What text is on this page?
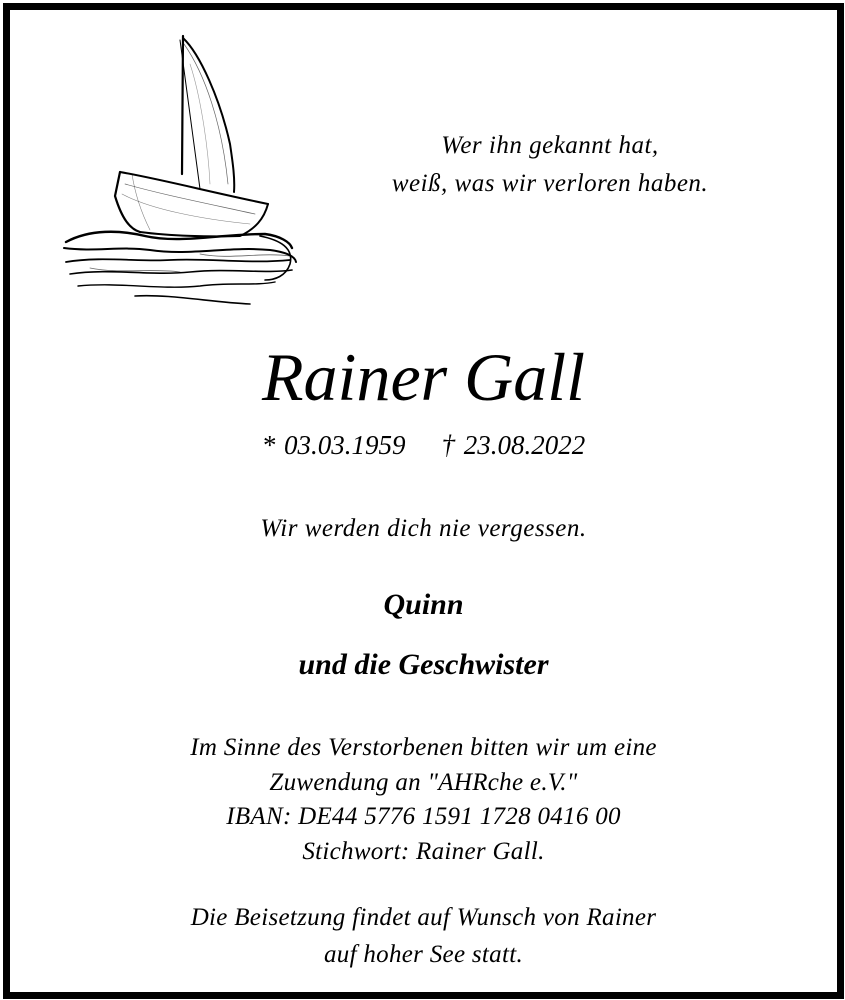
Wer ihn gekannt hat,
weiß, was wir verloren haben.
Rainer Gall
* 03.03.1959 † 23.08.2022
Wir werden dich nie vergessen.
Quinn
und die Geschwister
Im Sinne des Verstorbenen bitten wir um eine
Zuwendung an "AHRche e.V."
IBAN: DE44 5776 1591 1728 0416 00
Stichwort: Rainer Gall.
Die Beisetzung findet auf Wunsch von Rainer
auf hoher See statt.
